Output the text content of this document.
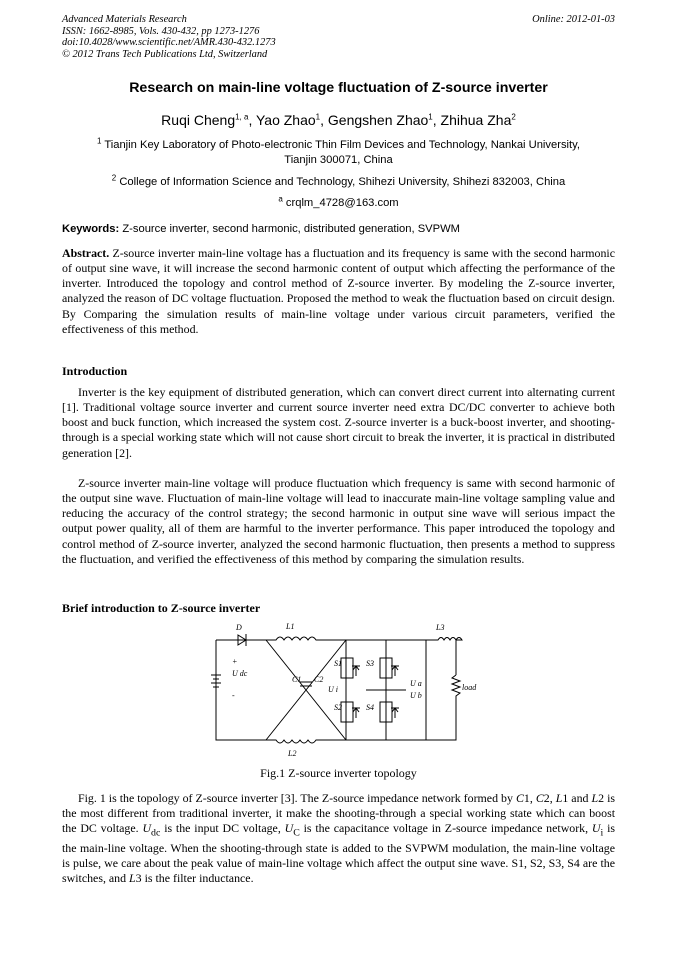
Advanced Materials Research
ISSN: 1662-8985, Vols. 430-432, pp 1273-1276
doi:10.4028/www.scientific.net/AMR.430-432.1273
© 2012 Trans Tech Publications Ltd, Switzerland
Online: 2012-01-03
Research on main-line voltage fluctuation of Z-source inverter
Ruqi Cheng$^{1, a}$, Yao Zhao$^1$, Gengshen Zhao$^1$, Zhihua Zha$^2$
$^1$ Tianjin Key Laboratory of Photo-electronic Thin Film Devices and Technology, Nankai University,
Tianjin 300071, China
$^2$ College of Information Science and Technology, Shihezi University, Shihezi 832003, China
$^a$ crqlm_4728@163.com
Keywords: Z-source inverter, second harmonic, distributed generation, SVPWM
Abstract. Z-source inverter main-line voltage has a fluctuation and its frequency is same with the second harmonic of output sine wave, it will increase the second harmonic content of output which affecting the performance of the inverter. Introduced the topology and control method of Z-source inverter. By modeling the Z-source inverter, analyzed the reason of DC voltage fluctuation. Proposed the method to weak the fluctuation based on circuit design. By Comparing the simulation results of main-line voltage under various circuit parameters, verified the effectiveness of this method.
Introduction
Inverter is the key equipment of distributed generation, which can convert direct current into alternating current [1]. Traditional voltage source inverter and current source inverter need extra DC/DC converter to achieve both boost and buck function, which increased the system cost. Z-source inverter is a buck-boost inverter, and shooting-through is a special working state which will not cause short circuit to break the inverter, it is practical in distributed generation [2].
Z-source inverter main-line voltage will produce fluctuation which frequency is same with second harmonic of the output sine wave. Fluctuation of main-line voltage will lead to inaccurate main-line voltage sampling value and reducing the accuracy of the control strategy; the second harmonic in output sine wave will serious impact the output power quality, all of them are harmful to the inverter performance. This paper introduced the topology and control method of Z-source inverter, analyzed the second harmonic fluctuation, then presents a method to suppress the fluctuation, and verified the effectiveness of this method by comparing the simulation results.
Brief introduction to Z-source inverter
D	L1
L2
L3
C1 C2
U dc
+
-
U i
U a
U b
S1
S2
S3
S4
load
Fig.1 Z-source inverter topology
Fig. 1 is the topology of Z-source inverter [3]. The Z-source impedance network formed by C1, C2, L1 and L2 is the most different from traditional inverter, it make the shooting-through a special working state which can boost the DC voltage. $U_{dc}$ is the input DC voltage, $U_C$ is the capacitance voltage in Z-source impedance network, $U_i$ is the main-line voltage. When the shooting-through state is added to the SVPWM modulation, the main-line voltage is pulse, we care about the peak value of main-line voltage which affect the output sine wave. S1, S2, S3, S4 are the switches, and L3 is the filter inductance.
